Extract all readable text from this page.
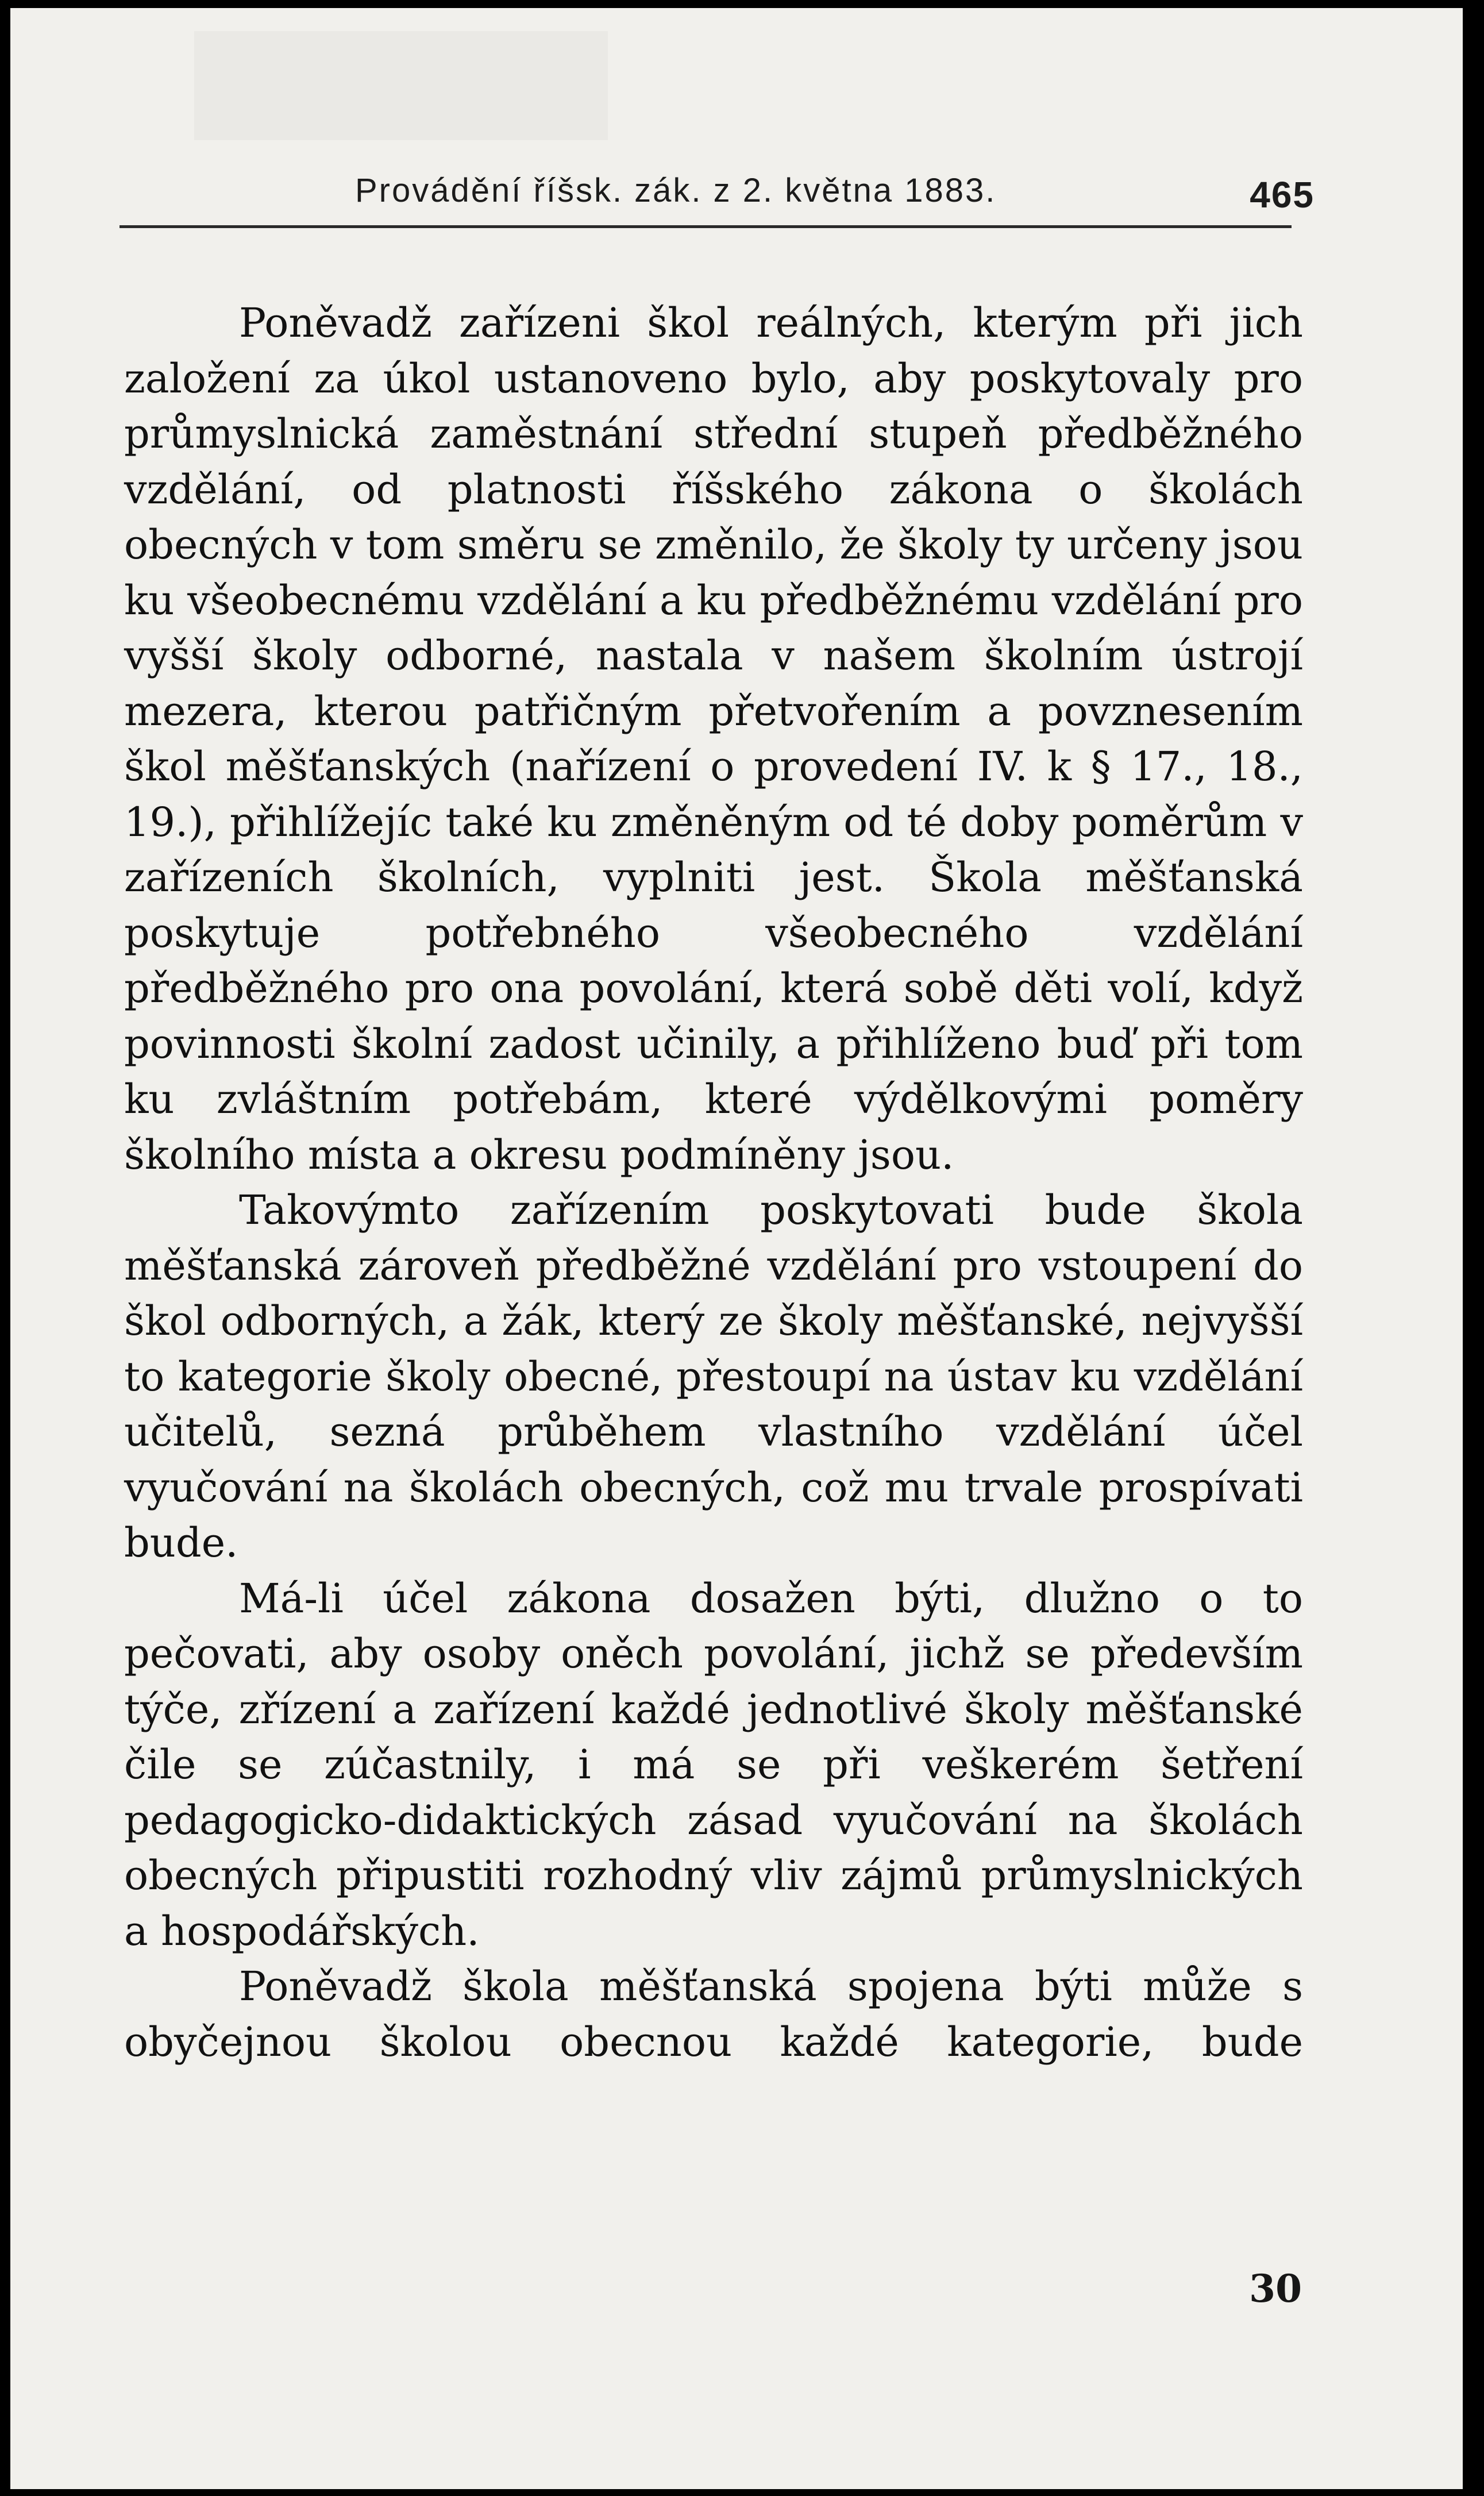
Provádění říšsk. zák. z 2. května 1883.	465

Poněvadž zařízeni škol reálných, kterým při jich založení za úkol ustanoveno bylo, aby poskytovaly pro průmyslnická zaměstnání střední stupeň předběžného vzdělání, od platnosti říšského zákona o školách obecných v tom směru se změnilo, že školy ty určeny jsou ku všeobecnému vzdělání a ku předběžnému vzdělání pro vyšší školy odborné, nastala v našem školním ústrojí mezera, kterou patřičným přetvořením a povznesením škol měšťanských (nařízení o provedení IV. k § 17., 18., 19.), přihlížejíc také ku změněným od té doby poměrům v zařízeních školních, vyplniti jest. Škola měšťanská poskytuje potřebného všeobecného vzdělání předběžného pro ona povolání, která sobě děti volí, když povinnosti školní zadost učinily, a přihlíženo buď při tom ku zvláštním potřebám, které výdělkovými poměry školního místa a okresu podmíněny jsou.

Takovýmto zařízením poskytovati bude škola měšťanská zároveň předběžné vzdělání pro vstoupení do škol odborných, a žák, který ze školy měšťanské, nejvyšší to kategorie školy obecné, přestoupí na ústav ku vzdělání učitelů, sezná průběhem vlastního vzdělání účel vyučování na školách obecných, což mu trvale prospívati bude.

Má-li účel zákona dosažen býti, dlužno o to pečovati, aby osoby oněch povolání, jichž se především týče, zřízení a zařízení každé jednotlivé školy měšťanské čile se zúčastnily, i má se při veškerém šetření pedagogicko-didaktických zásad vyučování na školách obecných připustiti rozhodný vliv zájmů průmyslnických a hospodářských.

Poněvadž škola měšťanská spojena býti může s obyčejnou školou obecnou každé kategorie, bude

30
